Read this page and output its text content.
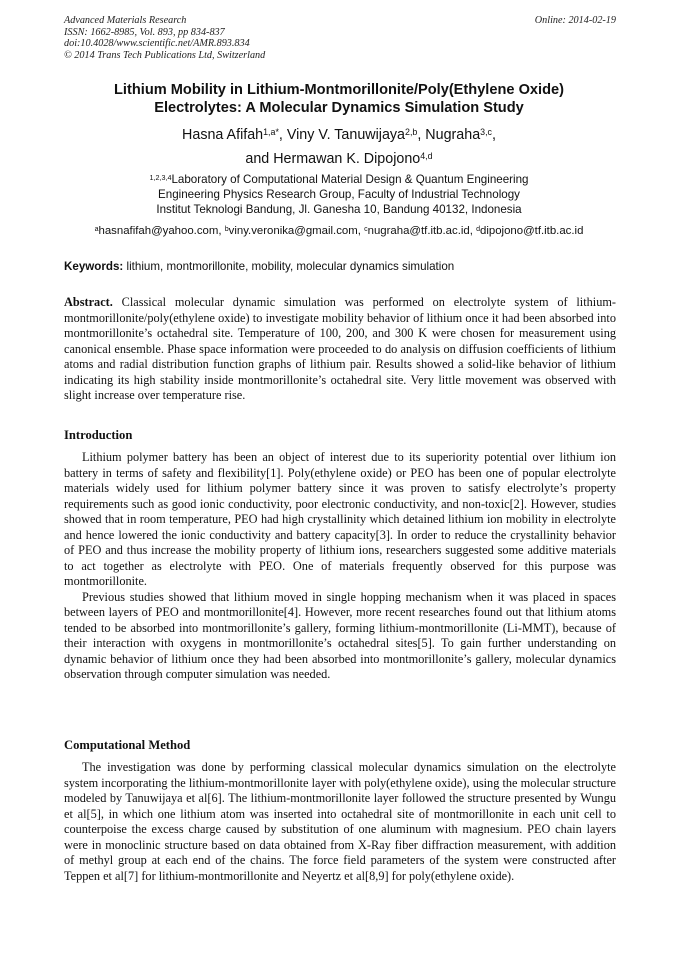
Advanced Materials Research
ISSN: 1662-8985, Vol. 893, pp 834-837
doi:10.4028/www.scientific.net/AMR.893.834
© 2014 Trans Tech Publications Ltd, Switzerland
Online: 2014-02-19
Lithium Mobility in Lithium-Montmorillonite/Poly(Ethylene Oxide)
Electrolytes: A Molecular Dynamics Simulation Study
Hasna Afifah$^{1,a*}$, Viny V. Tanuwijaya$^{2,b}$, Nugraha$^{3,c}$,
and Hermawan K. Dipojono$^{4,d}$
$^{1,2,3,4}$Laboratory of Computational Material Design & Quantum Engineering
Engineering Physics Research Group, Faculty of Industrial Technology
Institut Teknologi Bandung, Jl. Ganesha 10, Bandung 40132, Indonesia
$^a$hasnafifah@yahoo.com, $^b$viny.veronika@gmail.com, $^c$nugraha@tf.itb.ac.id, $^d$dipojono@tf.itb.ac.id
Keywords: lithium, montmorillonite, mobility, molecular dynamics simulation
Abstract. Classical molecular dynamic simulation was performed on electrolyte system of lithium-montmorillonite/poly(ethylene oxide) to investigate mobility behavior of lithium once it had been absorbed into montmorillonite’s octahedral site. Temperature of 100, 200, and 300 K were chosen for measurement using canonical ensemble. Phase space information were proceeded to do analysis on diffusion coefficients of lithium atoms and radial distribution function graphs of lithium pair. Results showed a solid-like behavior of lithium indicating its high stability inside montmorillonite’s octahedral site. Very little movement was observed with slight increase over temperature rise.
Introduction

Lithium polymer battery has been an object of interest due to its superiority potential over lithium ion battery in terms of safety and flexibility[1]. Poly(ethylene oxide) or PEO has been one of popular electrolyte materials widely used for lithium polymer battery since it was proven to satisfy electrolyte’s property requirements such as good ionic conductivity, poor electronic conductivity, and non-toxic[2]. However, studies showed that in room temperature, PEO had high crystallinity which detained lithium ion mobility in electrolyte and hence lowered the ionic conductivity and battery capacity[3]. In order to reduce the crystallinity behavior of PEO and thus increase the mobility property of lithium ions, researchers suggested some additive materials to act together as electrolyte with PEO. One of materials frequently observed for this purpose was montmorillonite.

Previous studies showed that lithium moved in single hopping mechanism when it was placed in spaces between layers of PEO and montmorillonite[4]. However, more recent researches found out that lithium atoms tended to be absorbed into montmorillonite’s gallery, forming lithium-montmorillonite (Li-MMT), because of their interaction with oxygens in montmorillonite’s octahedral sites[5]. To gain further understanding on dynamic behavior of lithium once they had been absorbed into montmorillonite’s gallery, molecular dynamics observation through computer simulation was needed.

Computational Method

The investigation was done by performing classical molecular dynamics simulation on the electrolyte system incorporating the lithium-montmorillonite layer with poly(ethylene oxide), using the molecular structure modeled by Tanuwijaya et al[6]. The lithium-montmorillonite layer followed the structure presented by Wungu et al[5], in which one lithium atom was inserted into octahedral site of montmorillonite in each unit cell to counterpoise the excess charge caused by substitution of one aluminum with magnesium. PEO chain layers were in monoclinic structure based on data obtained from X-Ray fiber diffraction measurement, with addition of methyl group at each end of the chains. The force field parameters of the system were constructed after Teppen et al[7] for lithium-montmorillonite and Neyertz et al[8,9] for poly(ethylene oxide).
